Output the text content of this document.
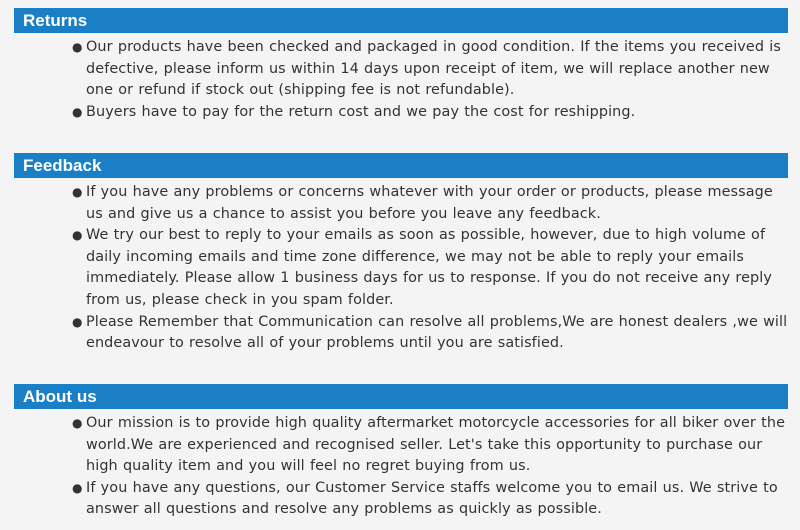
Returns
● Our products have been checked and packaged in good condition. If the items you received is defective, please inform us within 14 days upon receipt of item, we will replace another new one or refund if stock out (shipping fee is not refundable).
● Buyers have to pay for the return cost and we pay the cost for reshipping.
Feedback
● If you have any problems or concerns whatever with your order or products, please message us and give us a chance to assist you before you leave any feedback.
● We try our best to reply to your emails as soon as possible, however, due to high volume of daily incoming emails and time zone difference, we may not be able to reply your emails immediately. Please allow 1 business days for us to response. If you do not receive any reply from us, please check in you spam folder.
● Please Remember that Communication can resolve all problems,We are honest dealers ,we will endeavour to resolve all of your problems until you are satisfied.
About us
● Our mission is to provide high quality aftermarket motorcycle accessories for all biker over the world.We are experienced and recognised seller. Let's take this opportunity to purchase our high quality item and you will feel no regret buying from us.
● If you have any questions, our Customer Service staffs welcome you to email us. We strive to answer all questions and resolve any problems as quickly as possible.
